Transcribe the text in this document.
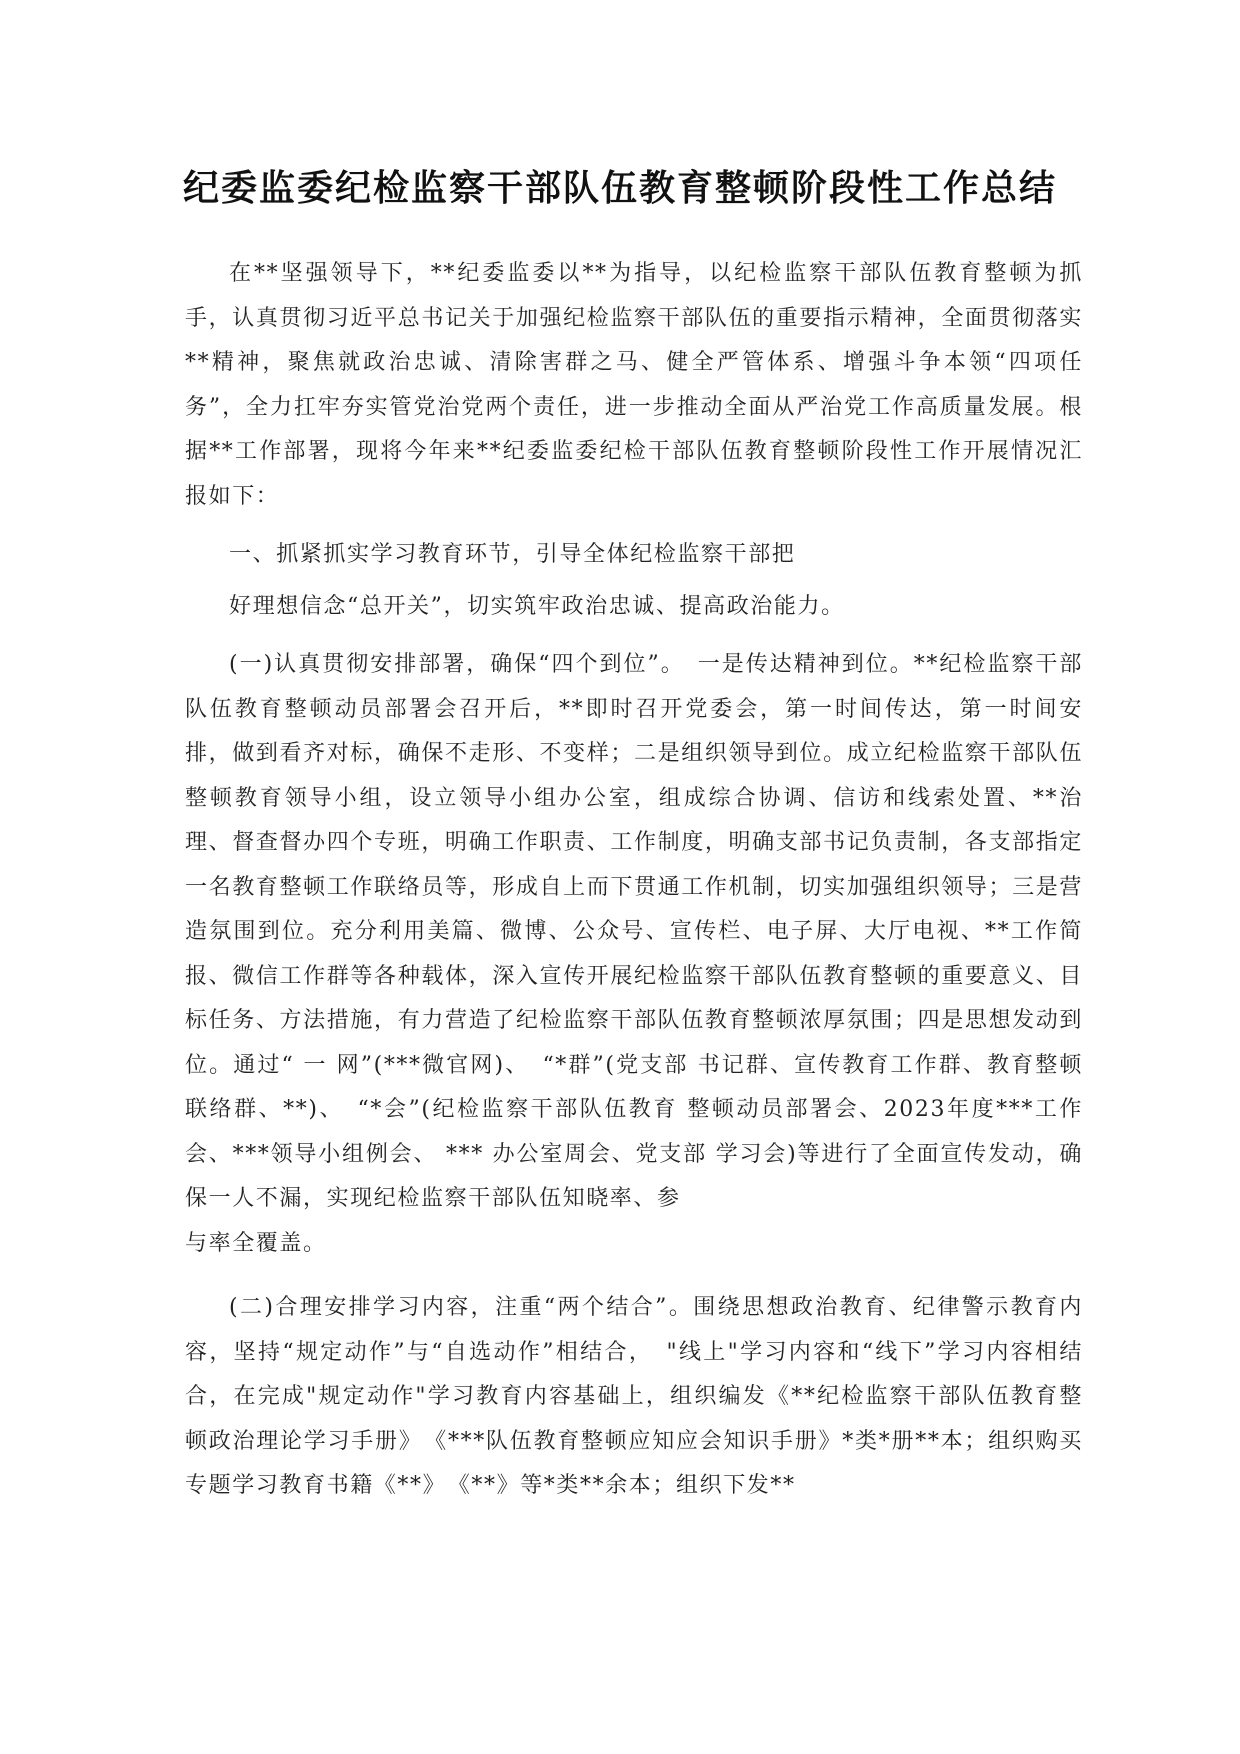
纪委监委纪检监察干部队伍教育整顿阶段性工作总结

在**坚强领导下，**纪委监委以**为指导，以纪检监察干部队伍教育整顿为抓手，认真贯彻习近平总书记关于加强纪检监察干部队伍的重要指示精神，全面贯彻落实**精神，聚焦就政治忠诚、清除害群之马、健全严管体系、增强斗争本领“四项任务”，全力扛牢夯实管党治党两个责任，进一步推动全面从严治党工作高质量发展。根据**工作部署，现将今年来**纪委监委纪检干部队伍教育整顿阶段性工作开展情况汇报如下：

一、抓紧抓实学习教育环节，引导全体纪检监察干部把

好理想信念“总开关”，切实筑牢政治忠诚、提高政治能力。

(一)认真贯彻安排部署，确保“四个到位”。　一是传达精神到位。**纪检监察干部队伍教育整顿动员部署会召开后，**即时召开党委会，第一时间传达，第一时间安排，做到看齐对标，确保不走形、不变样；二是组织领导到位。成立纪检监察干部队伍整顿教育领导小组，设立领导小组办公室，组成综合协调、信访和线索处置、**治理、督查督办四个专班，明确工作职责、工作制度，明确支部书记负责制，各支部指定一名教育整顿工作联络员等，形成自上而下贯通工作机制，切实加强组织领导；三是营造氛围到位。充分利用美篇、微博、公众号、宣传栏、电子屏、大厅电视、**工作简报、微信工作群等各种载体，深入宣传开展纪检监察干部队伍教育整顿的重要意义、目标任务、方法措施，有力营造了纪检监察干部队伍教育整顿浓厚氛围；四是思想发动到位。通过“ 一 网”(***微官网)、　“*群”(党支部 书记群、宣传教育工作群、教育整顿联络群、**)、　“*会”(纪检监察干部队伍教育 整顿动员部署会、2023年度***工作会、***领导小组例会、 *** 办公室周会、党支部 学习会)等进行了全面宣传发动，确保一人不漏，实现纪检监察干部队伍知晓率、参

与率全覆盖。

(二)合理安排学习内容，注重“两个结合”。围绕思想政治教育、纪律警示教育内容，坚持“规定动作”与“自选动作”相结合，　"线上"学习内容和“线下”学习内容相结合，在完成"规定动作"学习教育内容基础上，组织编发《**纪检监察干部队伍教育整顿政治理论学习手册》　《***队伍教育整顿应知应会知识手册》*类*册**本；组织购买专题学习教育书籍《**》　《**》等*类**余本；组织下发**
